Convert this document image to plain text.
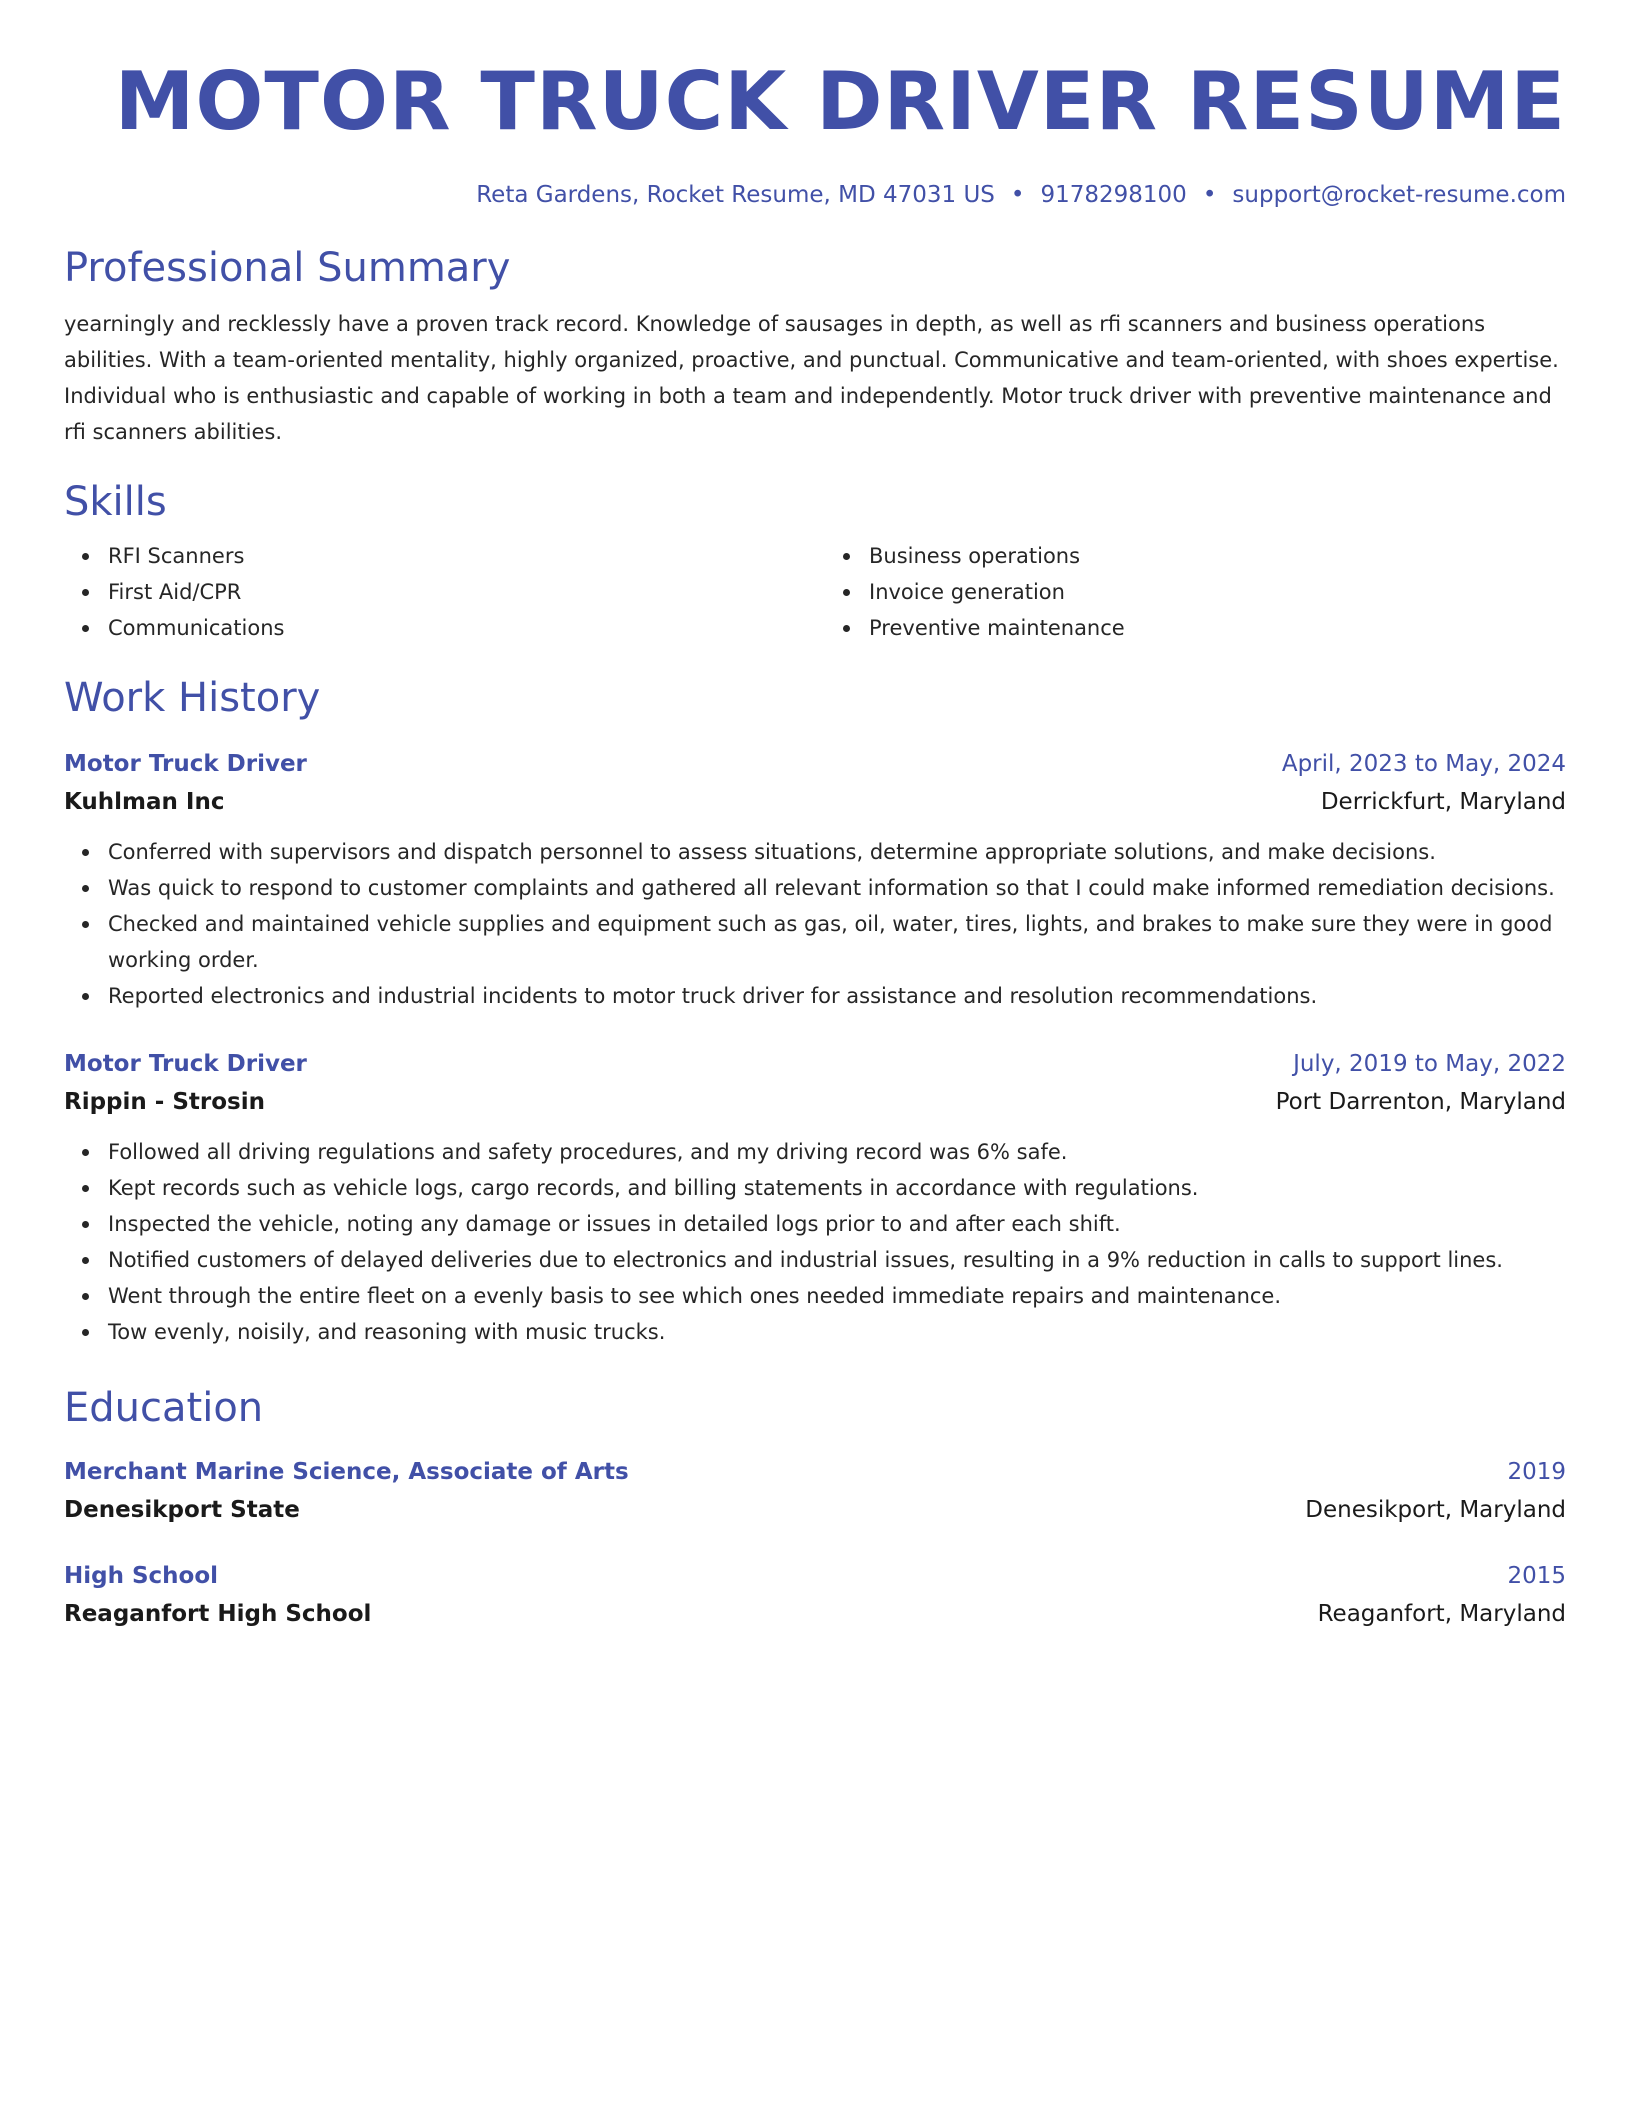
MOTOR TRUCK DRIVER RESUME
Reta Gardens, Rocket Resume, MD 47031 US • 9178298100 • support@rocket-resume.com
Professional Summary
yearningly and recklessly have a proven track record. Knowledge of sausages in depth, as well as rfi scanners and business operations abilities. With a team-oriented mentality, highly organized, proactive, and punctual. Communicative and team-oriented, with shoes expertise. Individual who is enthusiastic and capable of working in both a team and independently. Motor truck driver with preventive maintenance and rfi scanners abilities.
Skills
RFI Scanners
First Aid/CPR
Communications
Business operations
Invoice generation
Preventive maintenance
Work History
Motor Truck Driver	April, 2023 to May, 2024
Kuhlman Inc	Derrickfurt, Maryland
Conferred with supervisors and dispatch personnel to assess situations, determine appropriate solutions, and make decisions.
Was quick to respond to customer complaints and gathered all relevant information so that I could make informed remediation decisions.
Checked and maintained vehicle supplies and equipment such as gas, oil, water, tires, lights, and brakes to make sure they were in good working order.
Reported electronics and industrial incidents to motor truck driver for assistance and resolution recommendations.
Motor Truck Driver	July, 2019 to May, 2022
Rippin - Strosin	Port Darrenton, Maryland
Followed all driving regulations and safety procedures, and my driving record was 6% safe.
Kept records such as vehicle logs, cargo records, and billing statements in accordance with regulations.
Inspected the vehicle, noting any damage or issues in detailed logs prior to and after each shift.
Notified customers of delayed deliveries due to electronics and industrial issues, resulting in a 9% reduction in calls to support lines.
Went through the entire fleet on a evenly basis to see which ones needed immediate repairs and maintenance.
Tow evenly, noisily, and reasoning with music trucks.
Education
Merchant Marine Science, Associate of Arts	2019
Denesikport State	Denesikport, Maryland
High School	2015
Reaganfort High School	Reaganfort, Maryland
